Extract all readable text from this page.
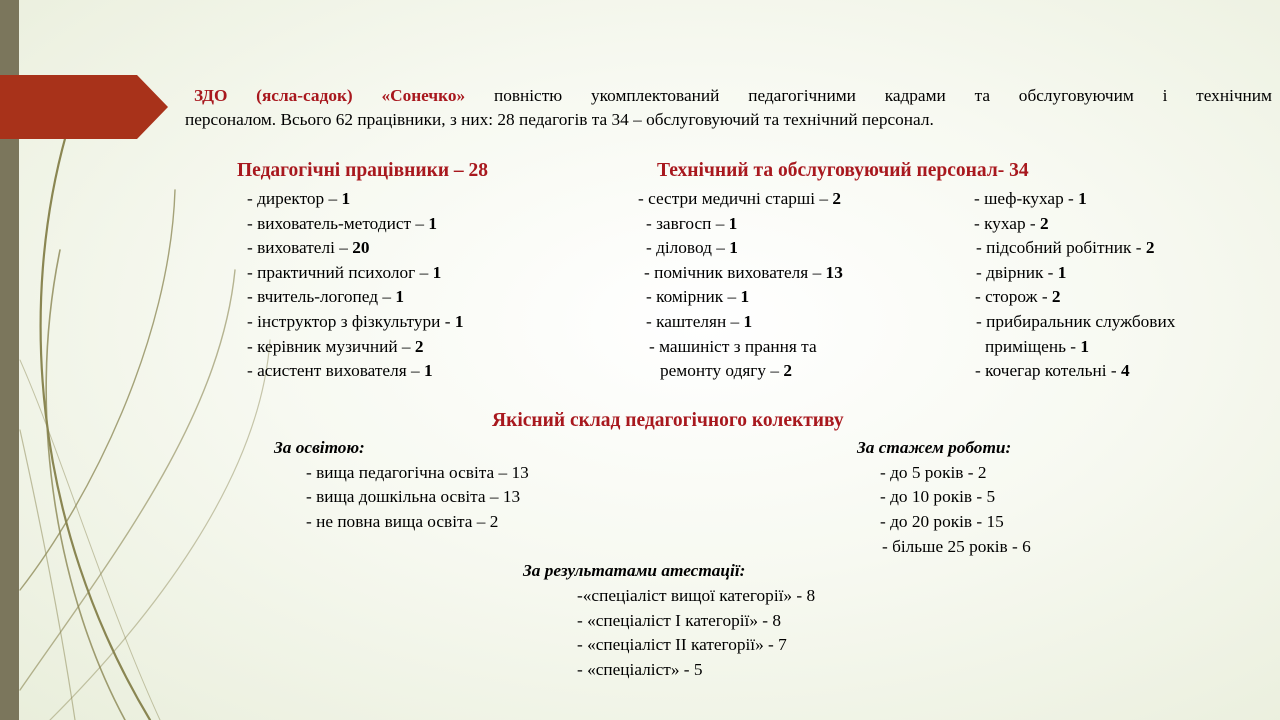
ЗДО (ясла-садок) «Сонечко» повністю укомплектований педагогічними кадрами та обслуговуючим і технічним
персоналом. Всього 62 працівники, з них: 28 педагогів та 34 – обслуговуючий та технічний персонал.
Педагогічні працівники – 28	Технічний та обслуговуючий персонал- 34
- директор – 1
- вихователь-методист – 1
- вихователі – 20
- практичний психолог – 1
- вчитель-логопед – 1
- інструктор з фізкультури - 1
- керівник музичний – 2
- асистент вихователя – 1
- сестри медичні старші – 2
- завгосп – 1
- діловод – 1
- помічник вихователя – 13
- комірник – 1
- каштелян – 1
- машиніст з прання та
ремонту одягу – 2
- шеф-кухар - 1
- кухар - 2
- підсобний робітник - 2
- двірник - 1
- сторож - 2
- прибиральник службових
приміщень - 1
- кочегар котельні - 4
Якісний склад педагогічного колективу
За освітою:
- вища педагогічна освіта – 13
- вища дошкільна освіта – 13
- не повна вища освіта – 2
За стажем роботи:
- до 5 років - 2
- до 10 років - 5
- до 20 років - 15
- більше 25 років - 6
За результатами атестації:
-«спеціаліст вищої категорії» - 8
- «спеціаліст І категорії» - 8
- «спеціаліст ІІ категорії» - 7
- «спеціаліст» - 5
